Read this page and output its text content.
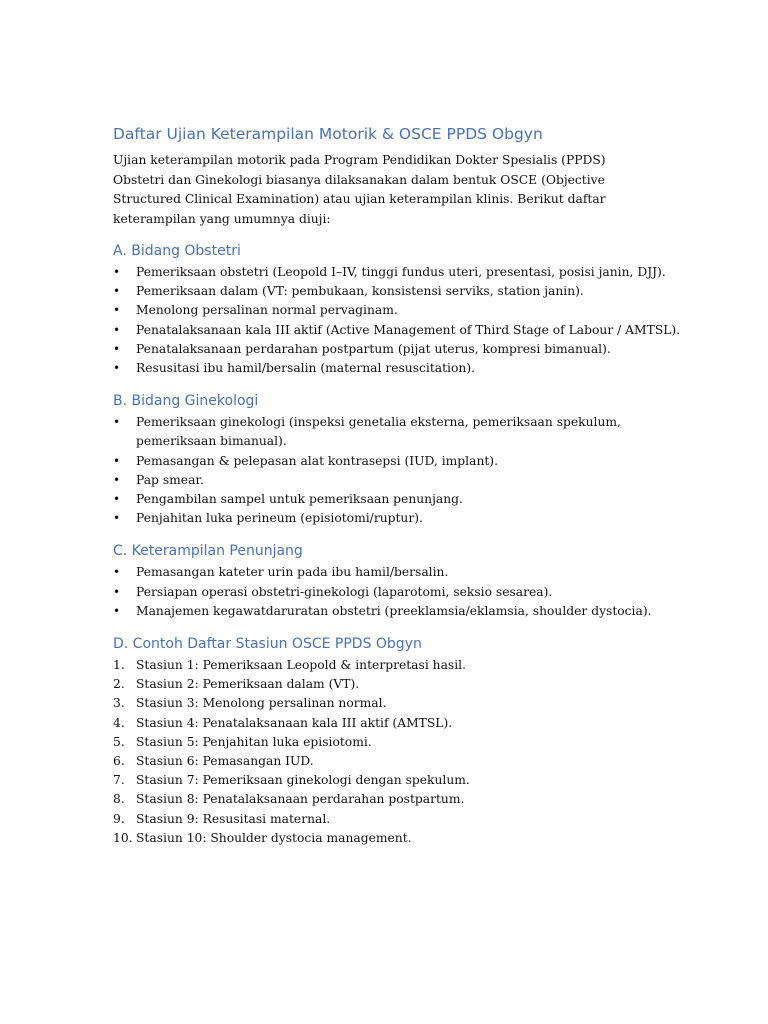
Daftar Ujian Keterampilan Motorik & OSCE PPDS Obgyn

Ujian keterampilan motorik pada Program Pendidikan Dokter Spesialis (PPDS) Obstetri dan Ginekologi biasanya dilaksanakan dalam bentuk OSCE (Objective Structured Clinical Examination) atau ujian keterampilan klinis. Berikut daftar keterampilan yang umumnya diuji:

A. Bidang Obstetri
• Pemeriksaan obstetri (Leopold I–IV, tinggi fundus uteri, presentasi, posisi janin, DJJ).
• Pemeriksaan dalam (VT: pembukaan, konsistensi serviks, station janin).
• Menolong persalinan normal pervaginam.
• Penatalaksanaan kala III aktif (Active Management of Third Stage of Labour / AMTSL).
• Penatalaksanaan perdarahan postpartum (pijat uterus, kompresi bimanual).
• Resusitasi ibu hamil/bersalin (maternal resuscitation).
B. Bidang Ginekologi
• Pemeriksaan ginekologi (inspeksi genetalia eksterna, pemeriksaan spekulum, pemeriksaan bimanual).
• Pemasangan & pelepasan alat kontrasepsi (IUD, implant).
• Pap smear.
• Pengambilan sampel untuk pemeriksaan penunjang.
• Penjahitan luka perineum (episiotomi/ruptur).
C. Keterampilan Penunjang
• Pemasangan kateter urin pada ibu hamil/bersalin.
• Persiapan operasi obstetri-ginekologi (laparotomi, seksio sesarea).
• Manajemen kegawatdaruratan obstetri (preeklamsia/eklamsia, shoulder dystocia).
D. Contoh Daftar Stasiun OSCE PPDS Obgyn
1. Stasiun 1: Pemeriksaan Leopold & interpretasi hasil.
2. Stasiun 2: Pemeriksaan dalam (VT).
3. Stasiun 3: Menolong persalinan normal.
4. Stasiun 4: Penatalaksanaan kala III aktif (AMTSL).
5. Stasiun 5: Penjahitan luka episiotomi.
6. Stasiun 6: Pemasangan IUD.
7. Stasiun 7: Pemeriksaan ginekologi dengan spekulum.
8. Stasiun 8: Penatalaksanaan perdarahan postpartum.
9. Stasiun 9: Resusitasi maternal.
10. Stasiun 10: Shoulder dystocia management.
